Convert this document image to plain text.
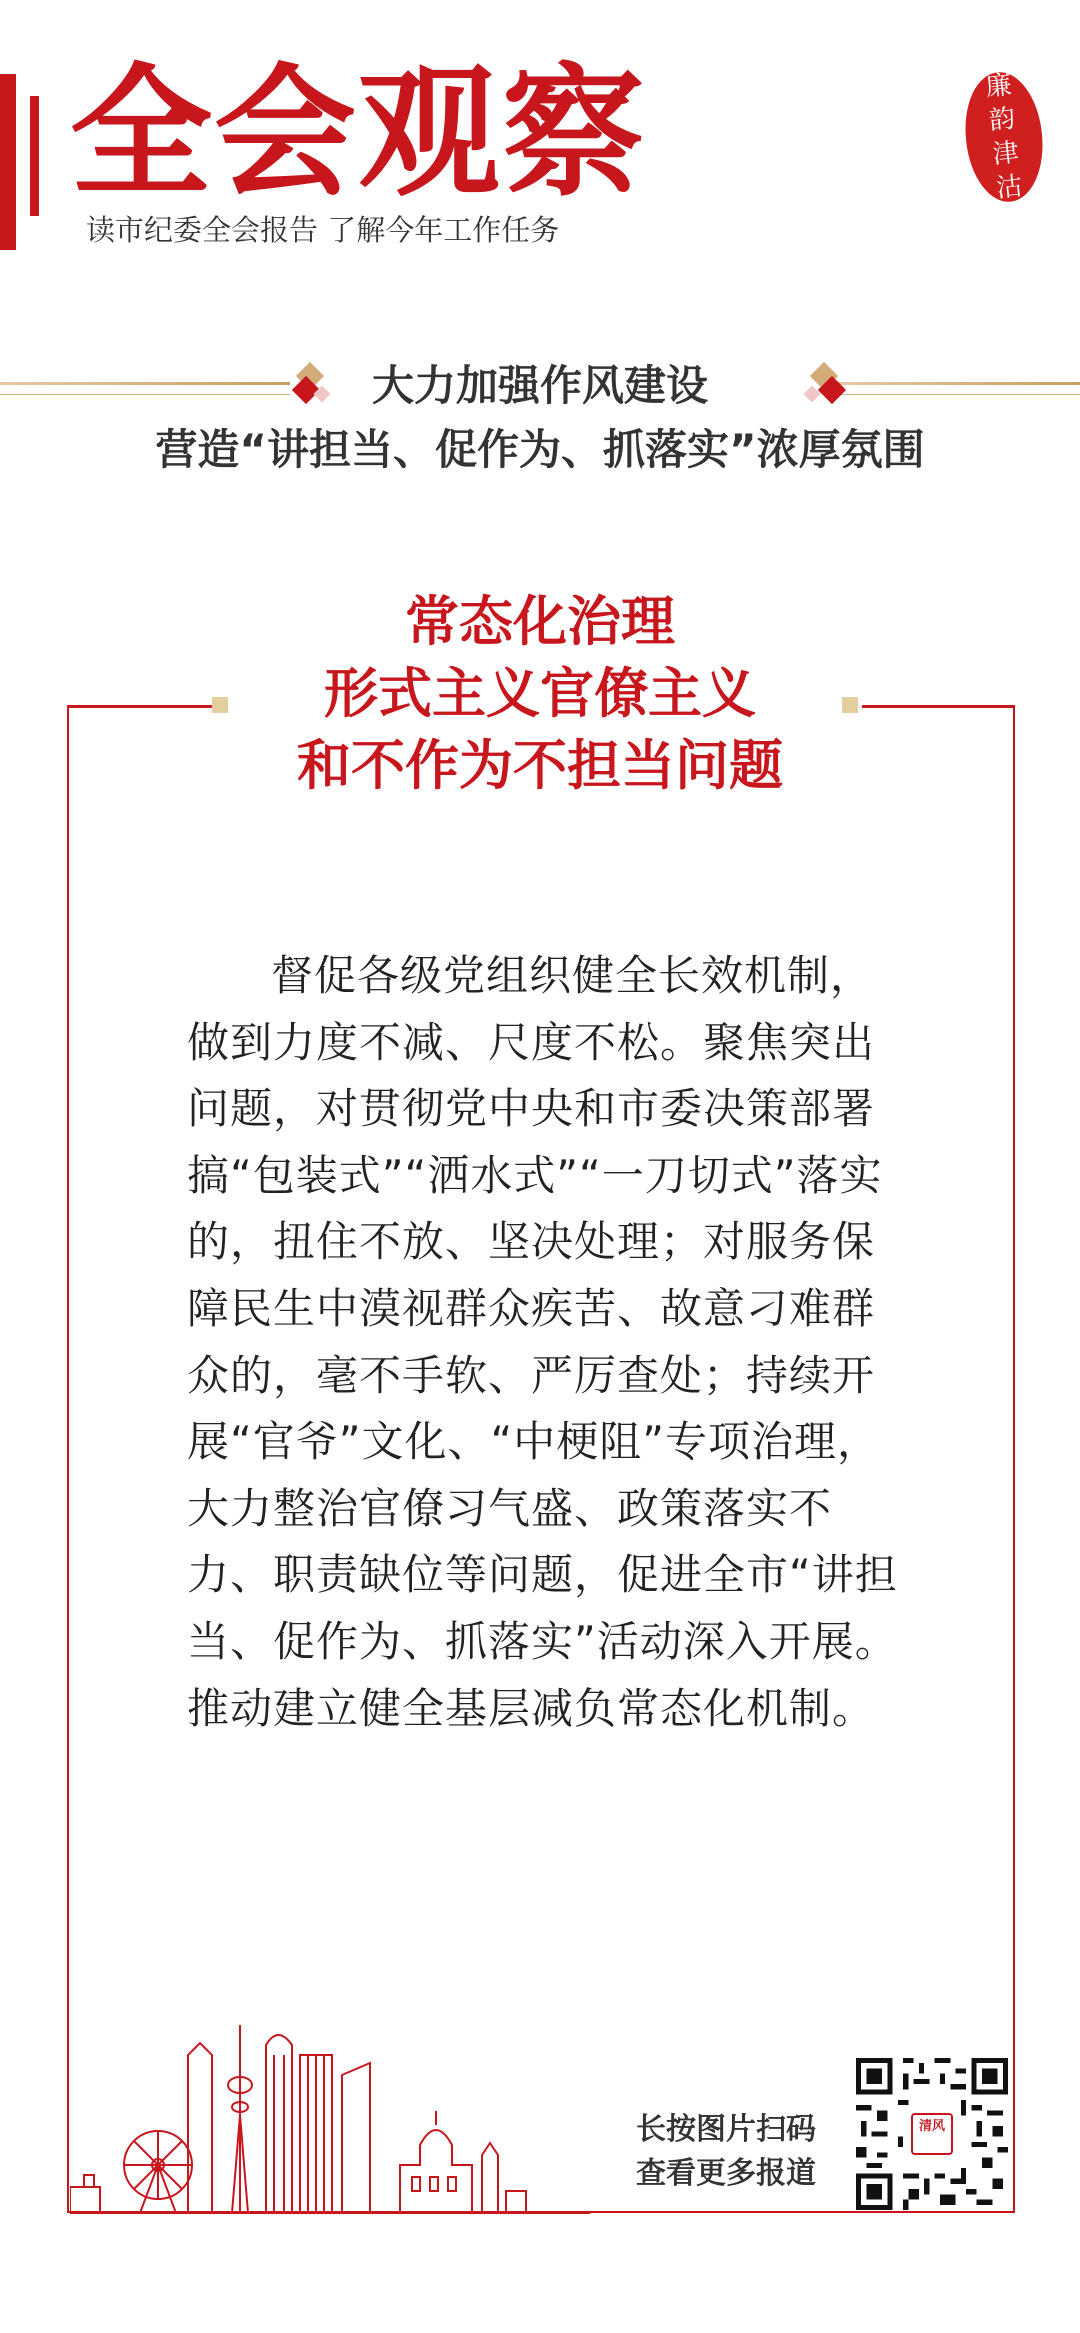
全会观察
读市纪委全会报告 了解今年工作任务
廉
韵
津
沽
大力加强作风建设
营造“讲担当、促作为、抓落实”浓厚氛围
常态化治理
形式主义官僚主义
和不作为不担当问题

督促各级党组织健全长效机制，做到力度不减、尺度不松。聚焦突出问题，对贯彻党中央和市委决策部署搞“包装式”“洒水式”“一刀切式”落实的，扭住不放、坚决处理；对服务保障民生中漠视群众疾苦、故意刁难群众的，毫不手软、严厉查处；持续开展“官爷”文化、“中梗阻”专项治理，大力整治官僚习气盛、政策落实不力、职责缺位等问题，促进全市“讲担当、促作为、抓落实”活动深入开展。推动建立健全基层减负常态化机制。

长按图片扫码
查看更多报道
清风
